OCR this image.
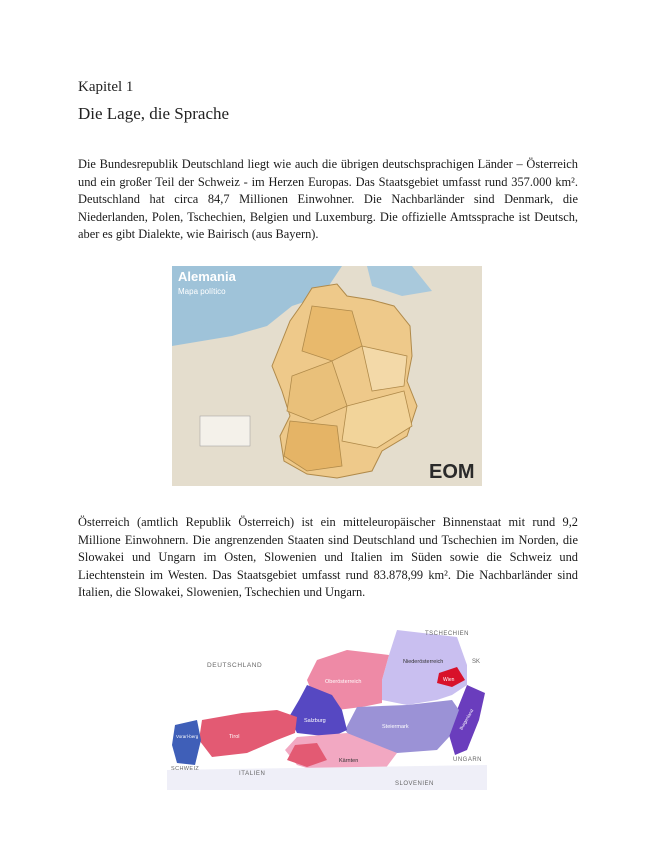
Kapitel 1
Die Lage, die Sprache

Die Bundesrepublik Deutschland liegt wie auch die übrigen deutschsprachigen Länder – Österreich und ein großer Teil der Schweiz - im Herzen Europas. Das Staatsgebiet umfasst rund 357.000 km². Deutschland hat circa 84,7 Millionen Einwohner. Die Nachbarländer sind Denmark, die Niederlanden, Polen, Tschechien, Belgien und Luxemburg. Die offizielle Amtssprache ist Deutsch, aber es gibt Dialekte, wie Bairisch (aus Bayern).

Alemania
Mapa político
EOM

Österreich (amtlich Republik Österreich) ist ein mitteleuropäischer Binnenstaat mit rund 9,2 Millione Einwohnern. Die angrenzenden Staaten sind Deutschland und Tschechien im Norden, die Slowakei und Ungarn im Osten, Slowenien und Italien im Süden sowie die Schweiz und Liechtenstein im Westen. Das Staatsgebiet umfasst rund 83.878,99 km². Die Nachbarländer sind Italien, die Slowakei, Slowenien, Tschechien und Ungarn.

DEUTSCHLAND
TSCHECHIEN
SK
SCHWEIZ
ITALIEN
UNGARN
SLOVENIEN
Niederösterreich
Oberösterreich	Wien
Burgenland
Steiermark
Salzburg
Kärnten
Tirol
Vorarl-berg
